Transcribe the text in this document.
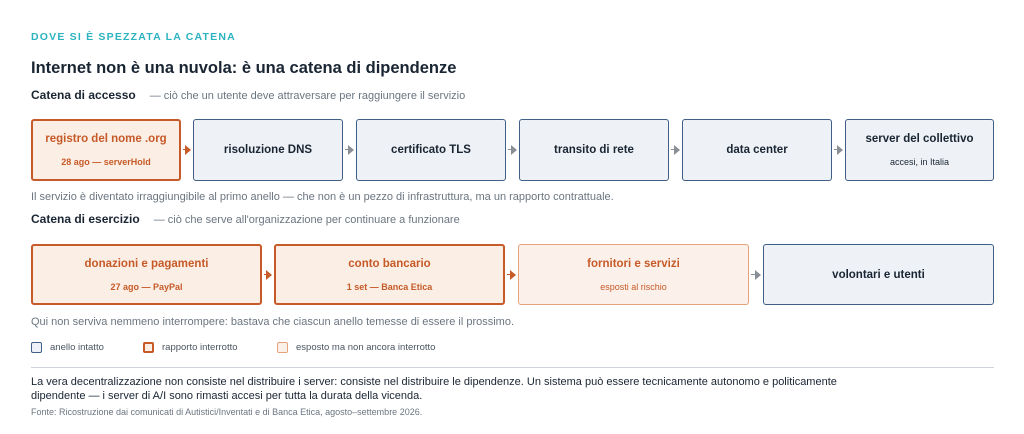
DOVE SI È SPEZZATA LA CATENA
Internet non è una nuvola: è una catena di dipendenze
Catena di accesso — ciò che un utente deve attraversare per raggiungere il servizio
registro del nome .org
28 ago — serverHold
risoluzione DNS	certificato TLS	transito di rete	data center
server del collettivo
accesi, in Italia
Il servizio è diventato irraggiungibile al primo anello — che non è un pezzo di infrastruttura, ma un rapporto contrattuale.
Catena di esercizio — ciò che serve all'organizzazione per continuare a funzionare
donazioni e pagamenti
27 ago — PayPal
conto bancario
1 set — Banca Etica
fornitori e servizi
esposti al rischio
volontari e utenti
Qui non serviva nemmeno interrompere: bastava che ciascun anello temesse di essere il prossimo.
anello intatto	rapporto interrotto	esposto ma non ancora interrotto
La vera decentralizzazione non consiste nel distribuire i server: consiste nel distribuire le dipendenze. Un sistema può essere tecnicamente autonomo e politicamente dipendente — i server di A/I sono rimasti accesi per tutta la durata della vicenda.
Fonte: Ricostruzione dai comunicati di Autistici/Inventati e di Banca Etica, agosto–settembre 2026.
